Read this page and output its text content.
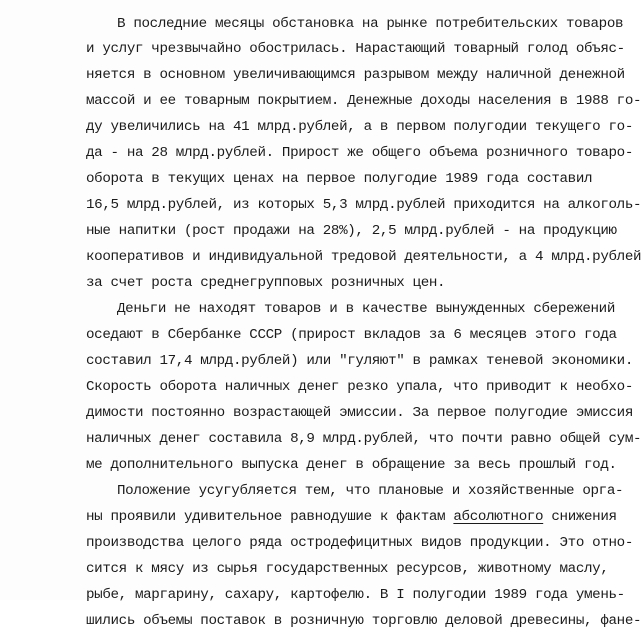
В последние месяцы обстановка на рынке потребительских товаров
и услуг чрезвычайно обострилась. Нарастающий товарный голод объяс-
няется в основном увеличивающимся разрывом между наличной денежной
массой и ее товарным покрытием. Денежные доходы населения в 1988 го-
ду увеличились на 41 млрд.рублей, а в первом полугодии текущего го-
да - на 28 млрд.рублей. Прирост же общего объема розничного товаро-
оборота в текущих ценах на первое полугодие 1989 года составил
16,5 млрд.рублей, из которых 5,3 млрд.рублей приходится на алкоголь-
ные напитки (рост продажи на 28%), 2,5 млрд.рублей - на продукцию
кооперативов и индивидуальной тредовой деятельности, а 4 млрд.рублей
за счет роста среднегрупповых розничных цен.
Деньги не находят товаров и в качестве вынужденных сбережений
оседают в Сбербанке СССР (прирост вкладов за 6 месяцев этого года
составил 17,4 млрд.рублей) или "гуляют" в рамках теневой экономики.
Скорость оборота наличных денег резко упала, что приводит к необхо-
димости постоянно возрастающей эмиссии. За первое полугодие эмиссия
наличных денег составила 8,9 млрд.рублей, что почти равно общей сум-
ме дополнительного выпуска денег в обращение за весь прошлый год.
Положение усугубляется тем, что плановые и хозяйственные орга-
ны проявили удивительное равнодушие к фактам абсолютного снижения
производства целого ряда остродефицитных видов продукции. Это отно-
сится к мясу из сырья государственных ресурсов, животному маслу,
рыбе, маргарину, сахару, картофелю. В I полугодии 1989 года умень-
шились объемы поставок в розничную торговлю деловой древесины, фане-
